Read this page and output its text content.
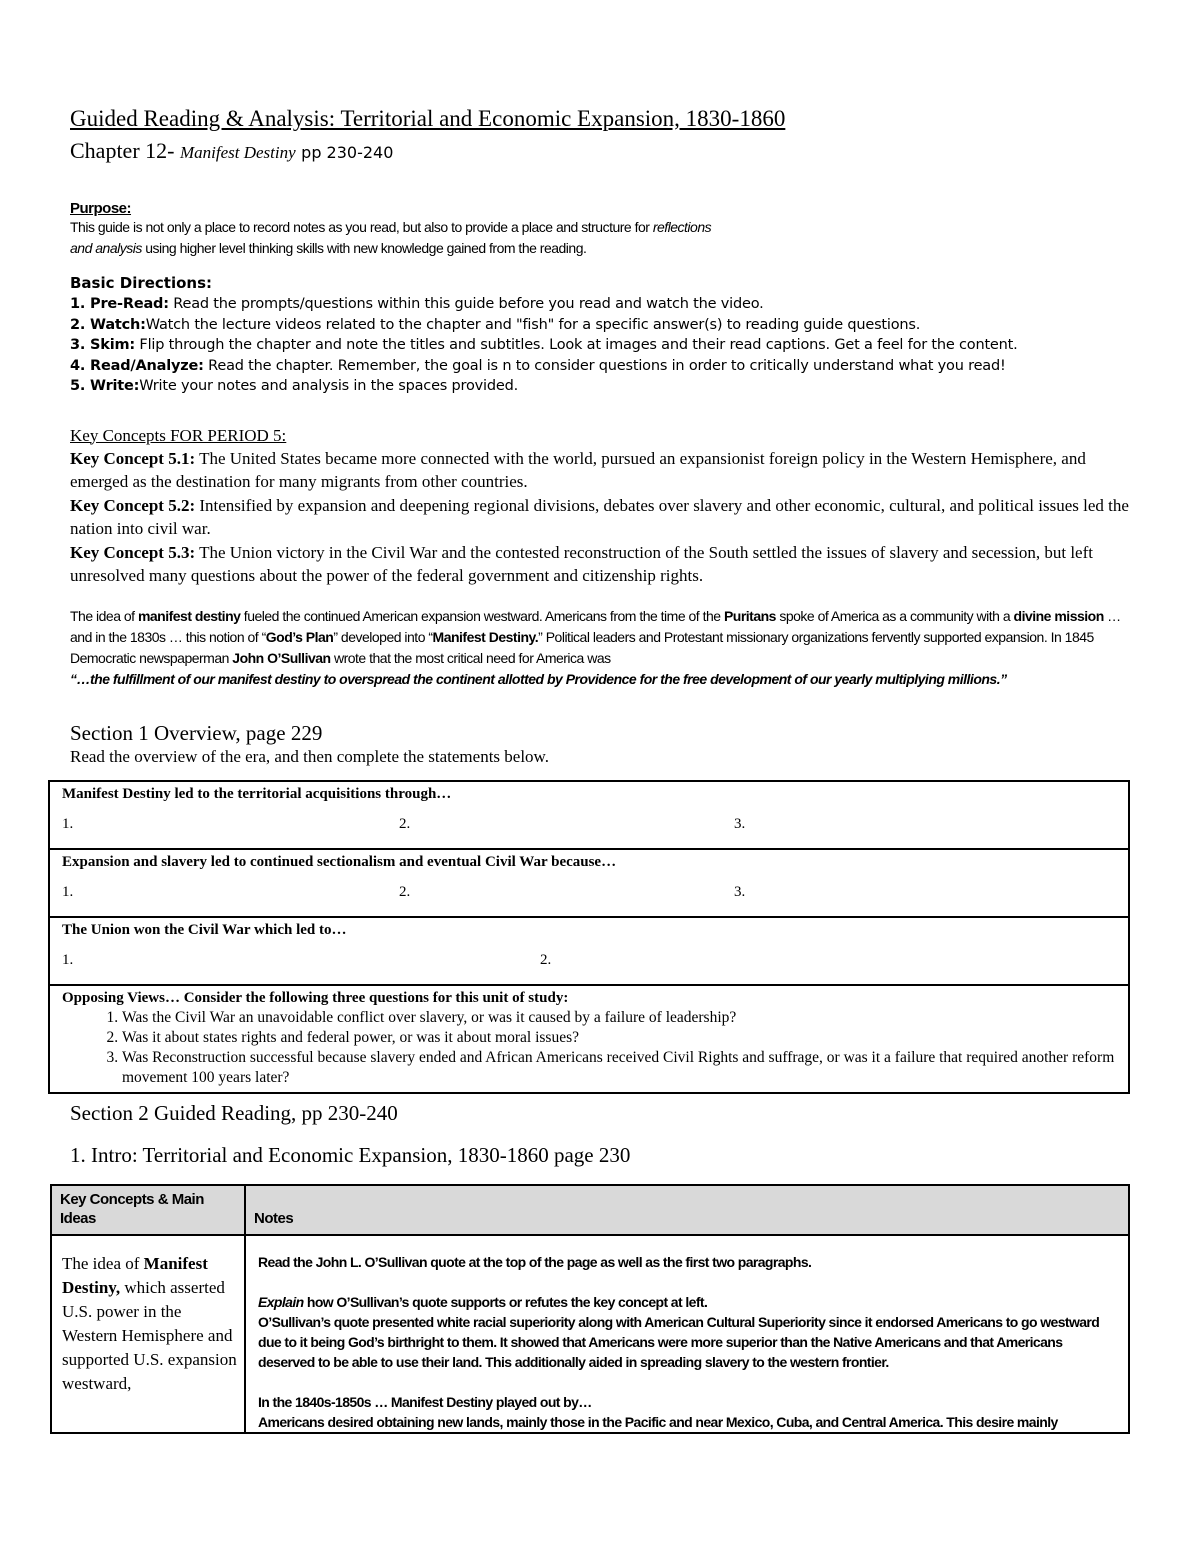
Guided Reading & Analysis: Territorial and Economic Expansion, 1830-1860
Chapter 12- Manifest Destiny pp 230-240
Purpose:
This guide is not only a place to record notes as you read, but also to provide a place and structure for reflections and analysis using higher level thinking skills with new knowledge gained from the reading.
Basic Directions:
1. Pre-Read: Read the prompts/questions within this guide before you read and watch the video.
2. Watch:Watch the lecture videos related to the chapter and "fish" for a specific answer(s) to reading guide questions.
3. Skim: Flip through the chapter and note the titles and subtitles. Look at images and their read captions. Get a feel for the content.
4. Read/Analyze: Read the chapter. Remember, the goal is n to consider questions in order to critically understand what you read!
5. Write:Write your notes and analysis in the spaces provided.
Key Concepts FOR PERIOD 5:
Key Concept 5.1: The United States became more connected with the world, pursued an expansionist foreign policy in the Western Hemisphere, and emerged as the destination for many migrants from other countries.
Key Concept 5.2: Intensified by expansion and deepening regional divisions, debates over slavery and other economic, cultural, and political issues led the nation into civil war.
Key Concept 5.3: The Union victory in the Civil War and the contested reconstruction of the South settled the issues of slavery and secession, but left unresolved many questions about the power of the federal government and citizenship rights.
The idea of manifest destiny fueled the continued American expansion westward. Americans from the time of the Puritans spoke of America as a community with a divine mission … and in the 1830s … this notion of “God’s Plan” developed into “Manifest Destiny.” Political leaders and Protestant missionary organizations fervently supported expansion. In 1845 Democratic newspaperman John O’Sullivan wrote that the most critical need for America was
“…the fulfillment of our manifest destiny to overspread the continent allotted by Providence for the free development of our yearly multiplying millions.”
Section 1 Overview, page 229
Read the overview of the era, and then complete the statements below.
Manifest Destiny led to the territorial acquisitions through…
1.	2.	3.

Expansion and slavery led to continued sectionalism and eventual Civil War because…
1.	2.	3.

The Union won the Civil War which led to…
1.	2.

Opposing Views… Consider the following three questions for this unit of study:
1. Was the Civil War an unavoidable conflict over slavery, or was it caused by a failure of leadership?
2. Was it about states rights and federal power, or was it about moral issues?
3. Was Reconstruction successful because slavery ended and African Americans received Civil Rights and suffrage, or was it a failure that required another reform movement 100 years later?
Section 2 Guided Reading, pp 230-240
1. Intro: Territorial and Economic Expansion, 1830-1860 page 230
Key Concepts & Main Ideas	Notes
The idea of Manifest Destiny, which asserted U.S. power in the Western Hemisphere and supported U.S. expansion westward,	Read the John L. O’Sullivan quote at the top of the page as well as the first two paragraphs.
Explain how O’Sullivan’s quote supports or refutes the key concept at left.
O’Sullivan’s quote presented white racial superiority along with American Cultural Superiority since it endorsed Americans to go westward due to it being God’s birthright to them. It showed that Americans were more superior than the Native Americans and that Americans deserved to be able to use their land. This additionally aided in spreading slavery to the western frontier.
In the 1840s-1850s … Manifest Destiny played out by…
Americans desired obtaining new lands, mainly those in the Pacific and near Mexico, Cuba, and Central America. This desire mainly
